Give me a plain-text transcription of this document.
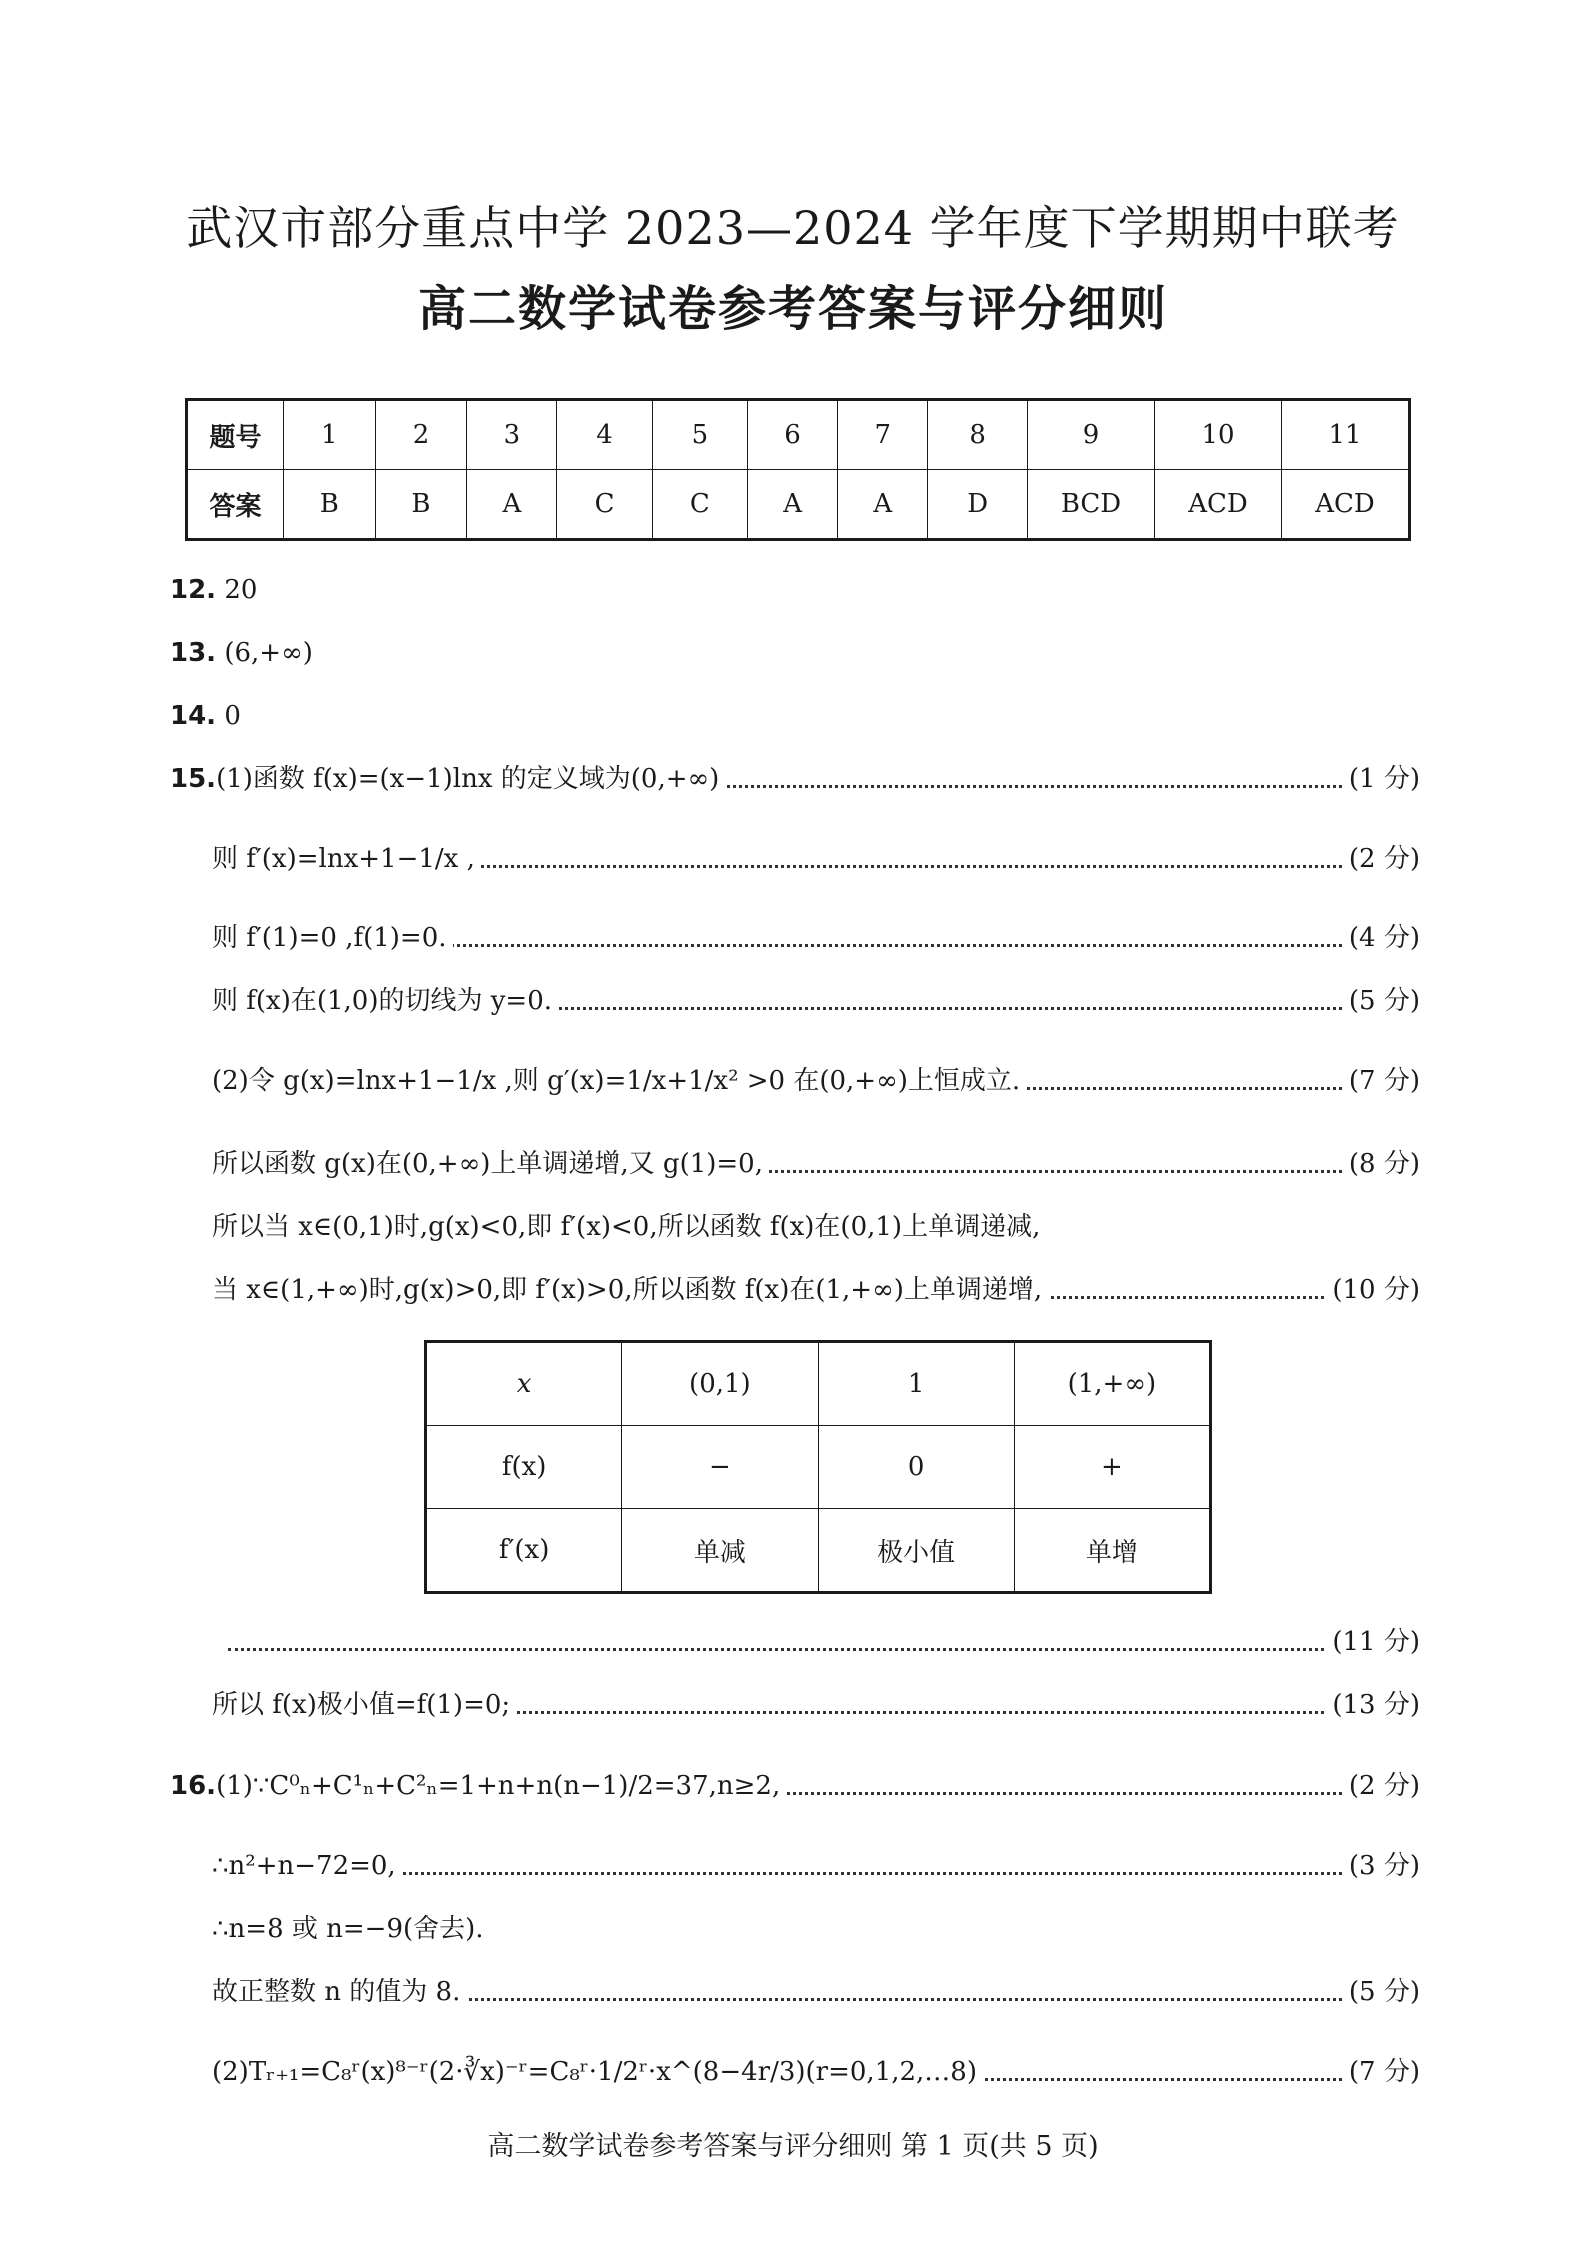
武汉市部分重点中学 2023—2024 学年度下学期期中联考
高二数学试卷参考答案与评分细则
题号	1	2	3	4	5	6	7	8	9	10	11
答案	B	B	A	C	C	A	A	D	BCD	ACD	ACD
12. 20
13. (6,+∞)
14. 0
15.(1)函数 f(x)=(x−1)lnx 的定义域为(0,+∞)	(1 分)
则 f′(x)=lnx+1−1/x ,	(2 分)
则 f′(1)=0 ,f(1)=0.	(4 分)
则 f(x)在(1,0)的切线为 y=0.	(5 分)
(2)令 g(x)=lnx+1−1/x ,则 g′(x)=1/x+1/x² >0 在(0,+∞)上恒成立.	(7 分)
所以函数 g(x)在(0,+∞)上单调递增,又 g(1)=0,	(8 分)
所以当 x∈(0,1)时,g(x)<0,即 f′(x)<0,所以函数 f(x)在(0,1)上单调递减,
当 x∈(1,+∞)时,g(x)>0,即 f′(x)>0,所以函数 f(x)在(1,+∞)上单调递增,	(10 分)
x	(0,1)	1	(1,+∞)
f(x)	−	0	+
f′(x)	单减	极小值	单增
(11 分)
所以 f(x)极小值=f(1)=0;	(13 分)
16.(1)∵C⁰ₙ+C¹ₙ+C²ₙ=1+n+n(n−1)/2=37,n≥2,	(2 分)
∴n²+n−72=0,	(3 分)
∴n=8 或 n=−9(舍去).
故正整数 n 的值为 8.	(5 分)
(2)Tᵣ₊₁=C₈ʳ(x)⁸⁻ʳ(2·∛x)⁻ʳ=C₈ʳ·1/2ʳ·x^(8−4r/3)(r=0,1,2,…8)	(7 分)
高二数学试卷参考答案与评分细则 第 1 页(共 5 页)
